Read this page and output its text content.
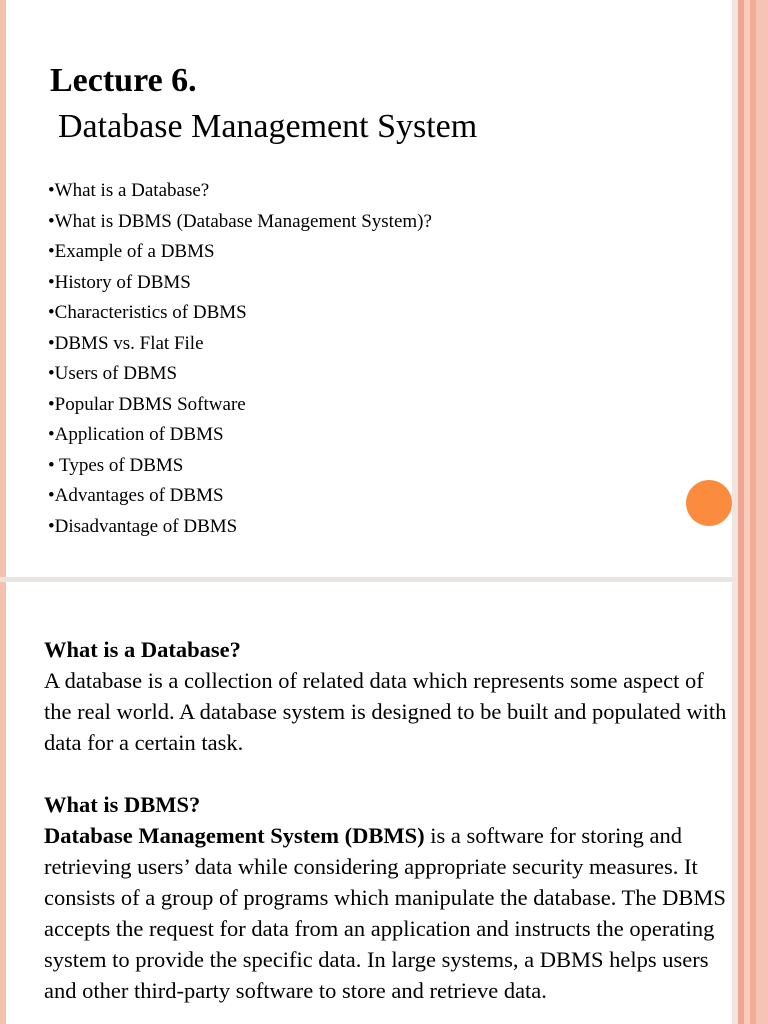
Lecture 6.
Database Management System
•What is a Database?
•What is DBMS (Database Management System)?
•Example of a DBMS
•History of DBMS
•Characteristics of DBMS
•DBMS vs. Flat File
•Users of DBMS
•Popular DBMS Software
•Application of DBMS
• Types of DBMS
•Advantages of DBMS
•Disadvantage of DBMS

What is a Database?

A database is a collection of related data which represents some aspect of the real world. A database system is designed to be built and populated with data for a certain task.

What is DBMS?

Database Management System (DBMS) is a software for storing and retrieving users’ data while considering appropriate security measures. It consists of a group of programs which manipulate the database. The DBMS accepts the request for data from an application and instructs the operating system to provide the specific data. In large systems, a DBMS helps users and other third-party software to store and retrieve data.
